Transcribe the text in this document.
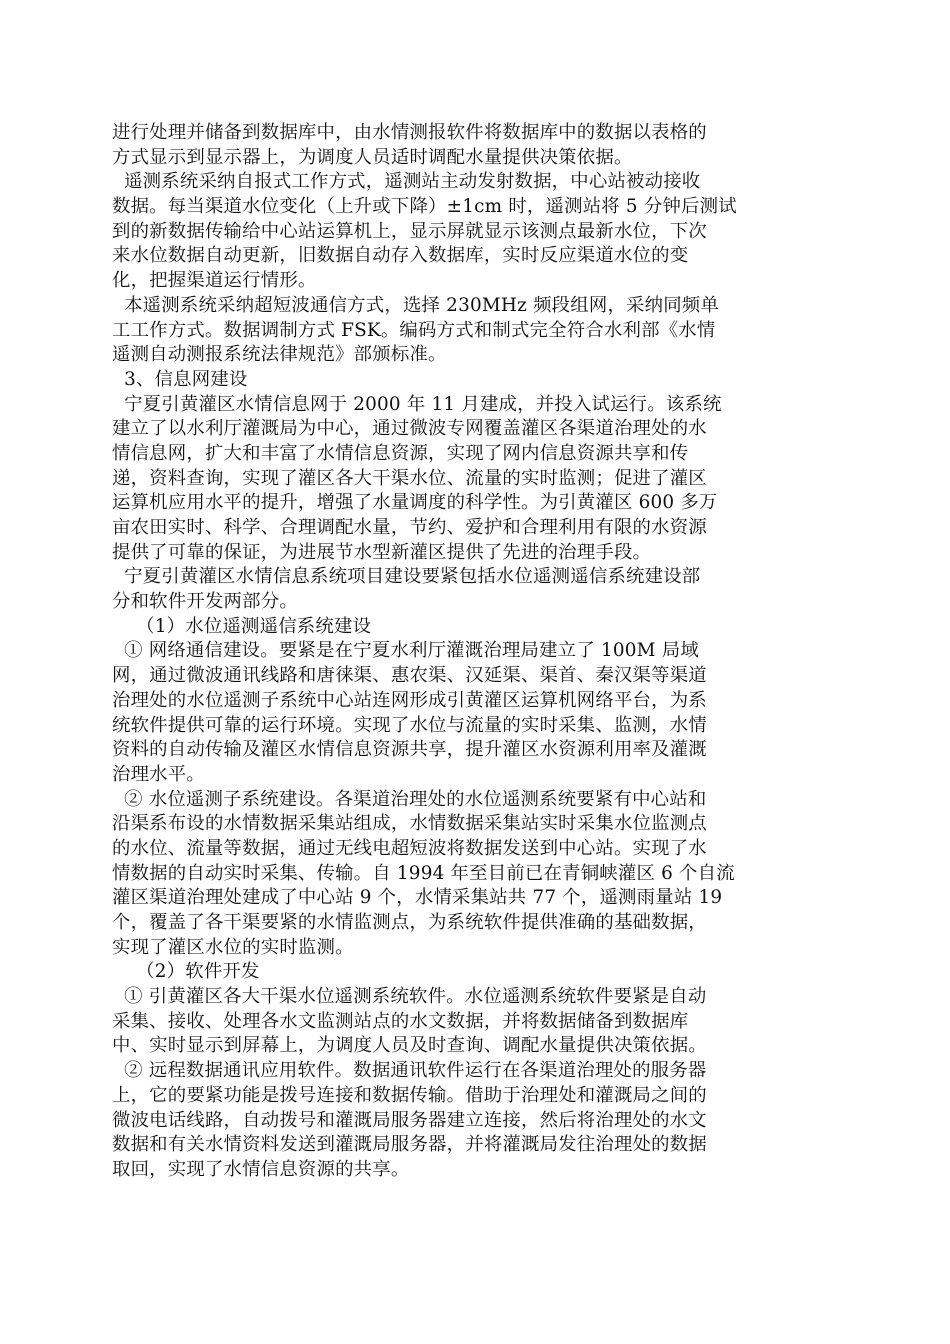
进行处理并储备到数据库中，由水情测报软件将数据库中的数据以表格的
方式显示到显示器上，为调度人员适时调配水量提供决策依据。
遥测系统采纳自报式工作方式，遥测站主动发射数据，中心站被动接收
数据。每当渠道水位变化（上升或下降）±1cm 时，遥测站将 5 分钟后测试
到的新数据传输给中心站运算机上，显示屏就显示该测点最新水位，下次
来水位数据自动更新，旧数据自动存入数据库，实时反应渠道水位的变
化，把握渠道运行情形。
本遥测系统采纳超短波通信方式，选择 230MHz 频段组网，采纳同频单
工工作方式。数据调制方式 FSK。编码方式和制式完全符合水利部《水情
遥测自动测报系统法律规范》部颁标准。
3、信息网建设
宁夏引黄灌区水情信息网于 2000 年 11 月建成，并投入试运行。该系统
建立了以水利厅灌溉局为中心，通过微波专网覆盖灌区各渠道治理处的水
情信息网，扩大和丰富了水情信息资源，实现了网内信息资源共享和传
递，资料查询，实现了灌区各大干渠水位、流量的实时监测；促进了灌区
运算机应用水平的提升，增强了水量调度的科学性。为引黄灌区 600 多万
亩农田实时、科学、合理调配水量，节约、爱护和合理利用有限的水资源
提供了可靠的保证，为进展节水型新灌区提供了先进的治理手段。
宁夏引黄灌区水情信息系统项目建设要紧包括水位遥测遥信系统建设部
分和软件开发两部分。
（1）水位遥测遥信系统建设
① 网络通信建设。要紧是在宁夏水利厅灌溉治理局建立了 100M 局域
网，通过微波通讯线路和唐徕渠、惠农渠、汉延渠、渠首、秦汉渠等渠道
治理处的水位遥测子系统中心站连网形成引黄灌区运算机网络平台，为系
统软件提供可靠的运行环境。实现了水位与流量的实时采集、监测，水情
资料的自动传输及灌区水情信息资源共享，提升灌区水资源利用率及灌溉
治理水平。
② 水位遥测子系统建设。各渠道治理处的水位遥测系统要紧有中心站和
沿渠系布设的水情数据采集站组成，水情数据采集站实时采集水位监测点
的水位、流量等数据，通过无线电超短波将数据发送到中心站。实现了水
情数据的自动实时采集、传输。自 1994 年至目前已在青铜峡灌区 6 个自流
灌区渠道治理处建成了中心站 9 个，水情采集站共 77 个，遥测雨量站 19
个，覆盖了各干渠要紧的水情监测点，为系统软件提供准确的基础数据，
实现了灌区水位的实时监测。
（2）软件开发
① 引黄灌区各大干渠水位遥测系统软件。水位遥测系统软件要紧是自动
采集、接收、处理各水文监测站点的水文数据，并将数据储备到数据库
中、实时显示到屏幕上，为调度人员及时查询、调配水量提供决策依据。
② 远程数据通讯应用软件。数据通讯软件运行在各渠道治理处的服务器
上，它的要紧功能是拨号连接和数据传输。借助于治理处和灌溉局之间的
微波电话线路，自动拨号和灌溉局服务器建立连接，然后将治理处的水文
数据和有关水情资料发送到灌溉局服务器，并将灌溉局发往治理处的数据
取回，实现了水情信息资源的共享。
